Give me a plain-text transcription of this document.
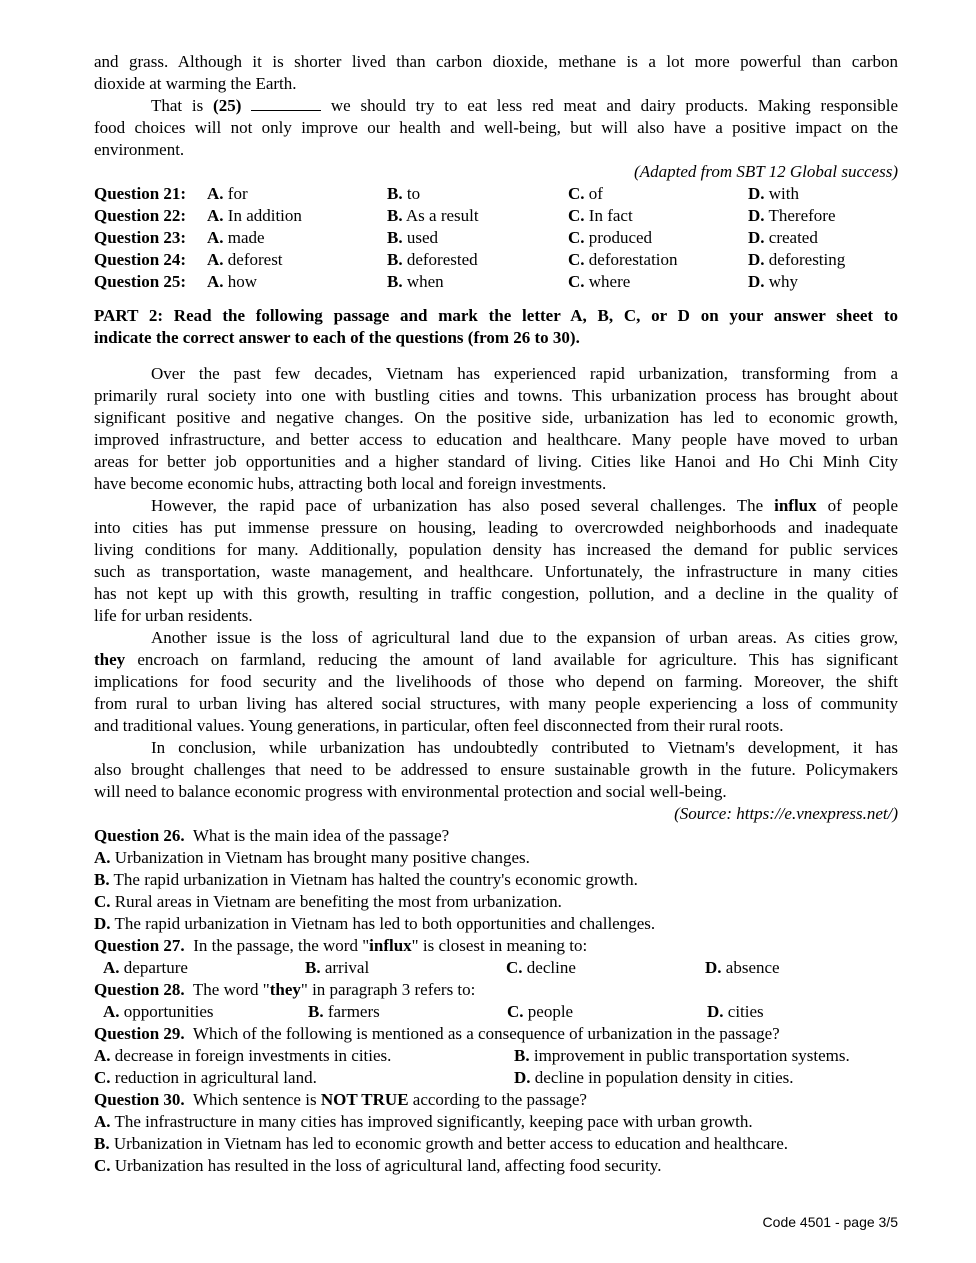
and grass. Although it is shorter lived than carbon dioxide, methane is a lot more powerful than carbon
dioxide at warming the Earth.
That is (25)	we should try to eat less red meat and dairy products. Making responsible
food choices will not only improve our health and well-being, but will also have a positive impact on the
environment.
(Adapted from SBT 12 Global success)
Question 21: A. for	B. to	C. of	D. with
Question 22: A. In addition	B. As a result	C. In fact	D. Therefore
Question 23: A. made	B. used	C. produced	D. created
Question 24: A. deforest	B. deforested	C. deforestation	D. deforesting
Question 25: A. how	B. when	C. where	D. why
PART 2: Read the following passage and mark the letter A, B, C, or D on your answer sheet to
indicate the correct answer to each of the questions (from 26 to 30).
Over the past few decades, Vietnam has experienced rapid urbanization, transforming from a
primarily rural society into one with bustling cities and towns. This urbanization process has brought about
significant positive and negative changes. On the positive side, urbanization has led to economic growth,
improved infrastructure, and better access to education and healthcare. Many people have moved to urban
areas for better job opportunities and a higher standard of living. Cities like Hanoi and Ho Chi Minh City
have become economic hubs, attracting both local and foreign investments.
However, the rapid pace of urbanization has also posed several challenges. The influx of people
into cities has put immense pressure on housing, leading to overcrowded neighborhoods and inadequate
living conditions for many. Additionally, population density has increased the demand for public services
such as transportation, waste management, and healthcare. Unfortunately, the infrastructure in many cities
has not kept up with this growth, resulting in traffic congestion, pollution, and a decline in the quality of
life for urban residents.
Another issue is the loss of agricultural land due to the expansion of urban areas. As cities grow,
they encroach on farmland, reducing the amount of land available for agriculture. This has significant
implications for food security and the livelihoods of those who depend on farming. Moreover, the shift
from rural to urban living has altered social structures, with many people experiencing a loss of community
and traditional values. Young generations, in particular, often feel disconnected from their rural roots.
In conclusion, while urbanization has undoubtedly contributed to Vietnam's development, it has
also brought challenges that need to be addressed to ensure sustainable growth in the future. Policymakers
will need to balance economic progress with environmental protection and social well-being.
(Source: https://e.vnexpress.net/)
Question 26. What is the main idea of the passage?
A. Urbanization in Vietnam has brought many positive changes.
B. The rapid urbanization in Vietnam has halted the country's economic growth.
C. Rural areas in Vietnam are benefiting the most from urbanization.
D. The rapid urbanization in Vietnam has led to both opportunities and challenges.
Question 27. In the passage, the word "influx" is closest in meaning to:
A. departure	B. arrival	C. decline	D. absence
Question 28. The word "they" in paragraph 3 refers to:
A. opportunities	B. farmers	C. people	D. cities
Question 29. Which of the following is mentioned as a consequence of urbanization in the passage?
A. decrease in foreign investments in cities.	B. improvement in public transportation systems.
C. reduction in agricultural land.	D. decline in population density in cities.
Question 30. Which sentence is NOT TRUE according to the passage?
A. The infrastructure in many cities has improved significantly, keeping pace with urban growth.
B. Urbanization in Vietnam has led to economic growth and better access to education and healthcare.
C. Urbanization has resulted in the loss of agricultural land, affecting food security.
Code 4501 - page 3/5
